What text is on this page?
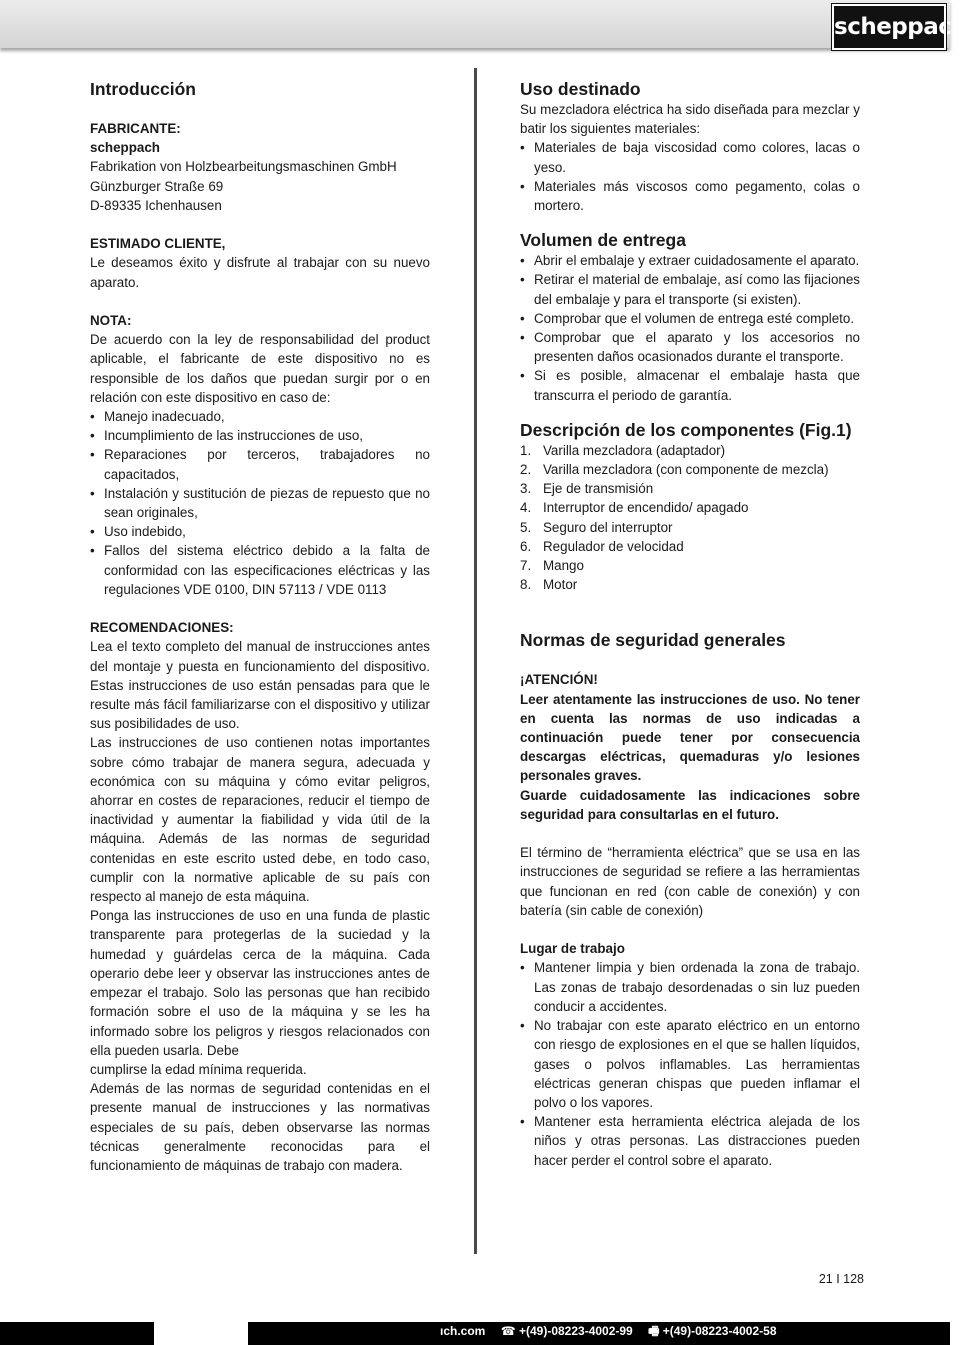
scheppach
Introducción
FABRICANTE:

scheppach

Fabrikation von Holzbearbeitungsmaschinen GmbH

Günzburger Straße 69

D-89335 Ichenhausen

ESTIMADO CLIENTE,

Le deseamos éxito y disfrute al trabajar con su nuevo aparato.

NOTA:

De acuerdo con la ley de responsabilidad del product aplicable, el fabricante de este dispositivo no es responsible de los daños que puedan surgir por o en relación con este dispositivo en caso de:

• Manejo inadecuado,
• Incumplimiento de las instrucciones de uso,
• Reparaciones por terceros, trabajadores no capacitados,
• Instalación y sustitución de piezas de repuesto que no sean originales,
• Uso indebido,
• Fallos del sistema eléctrico debido a la falta de conformidad con las especificaciones eléctricas y las regulaciones VDE 0100, DIN 57113 / VDE 0113
RECOMENDACIONES:

Lea el texto completo del manual de instrucciones antes del montaje y puesta en funcionamiento del dispositivo. Estas instrucciones de uso están pensadas para que le resulte más fácil familiarizarse con el dispositivo y utilizar sus posibilidades de uso.

Las instrucciones de uso contienen notas importantes sobre cómo trabajar de manera segura, adecuada y económica con su máquina y cómo evitar peligros, ahorrar en costes de reparaciones, reducir el tiempo de inactividad y aumentar la fiabilidad y vida útil de la máquina. Además de las normas de seguridad contenidas en este escrito usted debe, en todo caso, cumplir con la normative aplicable de su país con respecto al manejo de esta máquina.

Ponga las instrucciones de uso en una funda de plastic transparente para protegerlas de la suciedad y la humedad y guárdelas cerca de la máquina. Cada operario debe leer y observar las instrucciones antes de empezar el trabajo. Solo las personas que han recibido formación sobre el uso de la máquina y se les ha informado sobre los peligros y riesgos relacionados con ella pueden usarla. Debe

cumplirse la edad mínima requerida.

Además de las normas de seguridad contenidas en el presente manual de instrucciones y las normativas especiales de su país, deben observarse las normas técnicas generalmente reconocidas para el funcionamiento de máquinas de trabajo con madera.

Uso destinado

Su mezcladora eléctrica ha sido diseñada para mezclar y batir los siguientes materiales:

• Materiales de baja viscosidad como colores, lacas o yeso.
• Materiales más viscosos como pegamento, colas o mortero.
Volumen de entrega
• Abrir el embalaje y extraer cuidadosamente el aparato.
• Retirar el material de embalaje, así como las fijaciones del embalaje y para el transporte (si existen).
• Comprobar que el volumen de entrega esté completo.
• Comprobar que el aparato y los accesorios no presenten daños ocasionados durante el transporte.
• Si es posible, almacenar el embalaje hasta que transcurra el periodo de garantía.
Descripción de los componentes (Fig.1)
1. Varilla mezcladora (adaptador)
2. Varilla mezcladora (con componente de mezcla)
3. Eje de transmisión
4. Interruptor de encendido/ apagado
5. Seguro del interruptor
6. Regulador de velocidad
7. Mango
8. Motor
Normas de seguridad generales

¡ATENCIÓN!

Leer atentamente las instrucciones de uso. No tener en cuenta las normas de uso indicadas a continuación puede tener por consecuencia descargas eléctricas, quemaduras y/o lesiones personales graves.

Guarde cuidadosamente las indicaciones sobre seguridad para consultarlas en el futuro.

El término de “herramienta eléctrica” que se usa en las instrucciones de seguridad se refiere a las herramientas que funcionan en red (con cable de conexión) y con batería (sin cable de conexión)

Lugar de trabajo
• Mantener limpia y bien ordenada la zona de trabajo. Las zonas de trabajo desordenadas o sin luz pueden conducir a accidentes.
• No trabajar con este aparato eléctrico en un entorno con riesgo de explosiones en el que se hallen líquidos, gases o polvos inflamables. Las herramientas eléctricas generan chispas que pueden inflamar el polvo o los vapores.
• Mantener esta herramienta eléctrica alejada de los niños y otras personas. Las distracciones pueden hacer perder el control sobre el aparato.
21 I 128
ıch.com ☎ +(49)-08223-4002-99 🖷 +(49)-08223-4002-58
